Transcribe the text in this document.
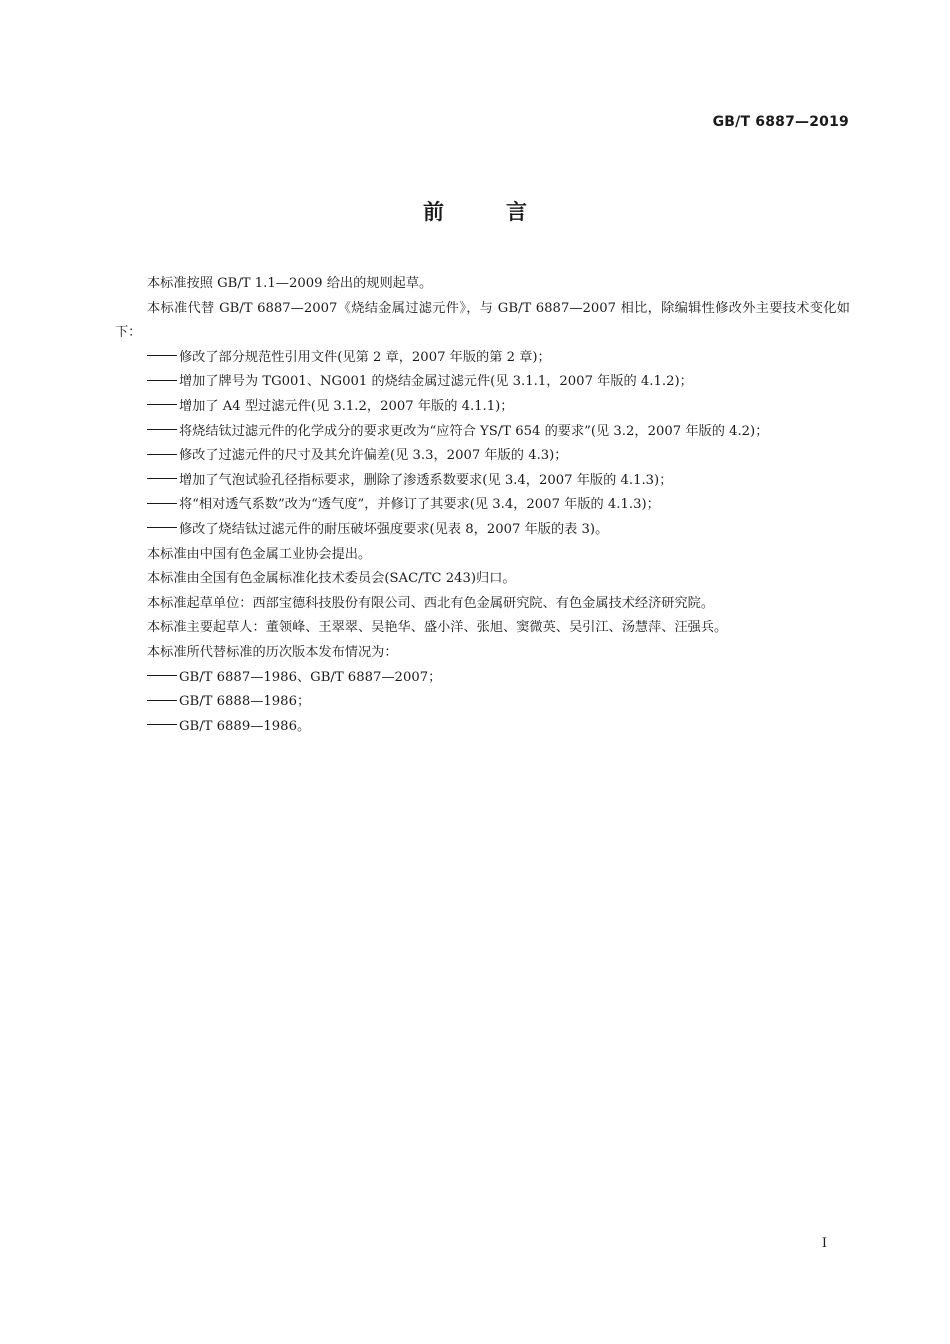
GB/T 6887—2019
前	言

本标准按照 GB/T 1.1—2009 给出的规则起草。

本标准代替 GB/T 6887—2007《烧结金属过滤元件》，与 GB/T 6887—2007 相比，除编辑性修改外主要技术变化如下：

修改了部分规范性引用文件(见第 2 章，2007 年版的第 2 章)；

增加了牌号为 TG001、NG001 的烧结金属过滤元件(见 3.1.1，2007 年版的 4.1.2)；

增加了 A4 型过滤元件(见 3.1.2，2007 年版的 4.1.1)；

将烧结钛过滤元件的化学成分的要求更改为“应符合 YS/T 654 的要求”(见 3.2，2007 年版的 4.2)；

修改了过滤元件的尺寸及其允许偏差(见 3.3，2007 年版的 4.3)；

增加了气泡试验孔径指标要求，删除了渗透系数要求(见 3.4，2007 年版的 4.1.3)；

将“相对透气系数”改为“透气度”，并修订了其要求(见 3.4，2007 年版的 4.1.3)；

修改了烧结钛过滤元件的耐压破坏强度要求(见表 8，2007 年版的表 3)。

本标准由中国有色金属工业协会提出。

本标准由全国有色金属标准化技术委员会(SAC/TC 243)归口。

本标准起草单位：西部宝德科技股份有限公司、西北有色金属研究院、有色金属技术经济研究院。

本标准主要起草人：董领峰、王翠翠、吴艳华、盛小洋、张旭、窦微英、吴引江、汤慧萍、汪强兵。

本标准所代替标准的历次版本发布情况为：

GB/T 6887—1986、GB/T 6887—2007；

GB/T 6888—1986；

GB/T 6889—1986。

I
